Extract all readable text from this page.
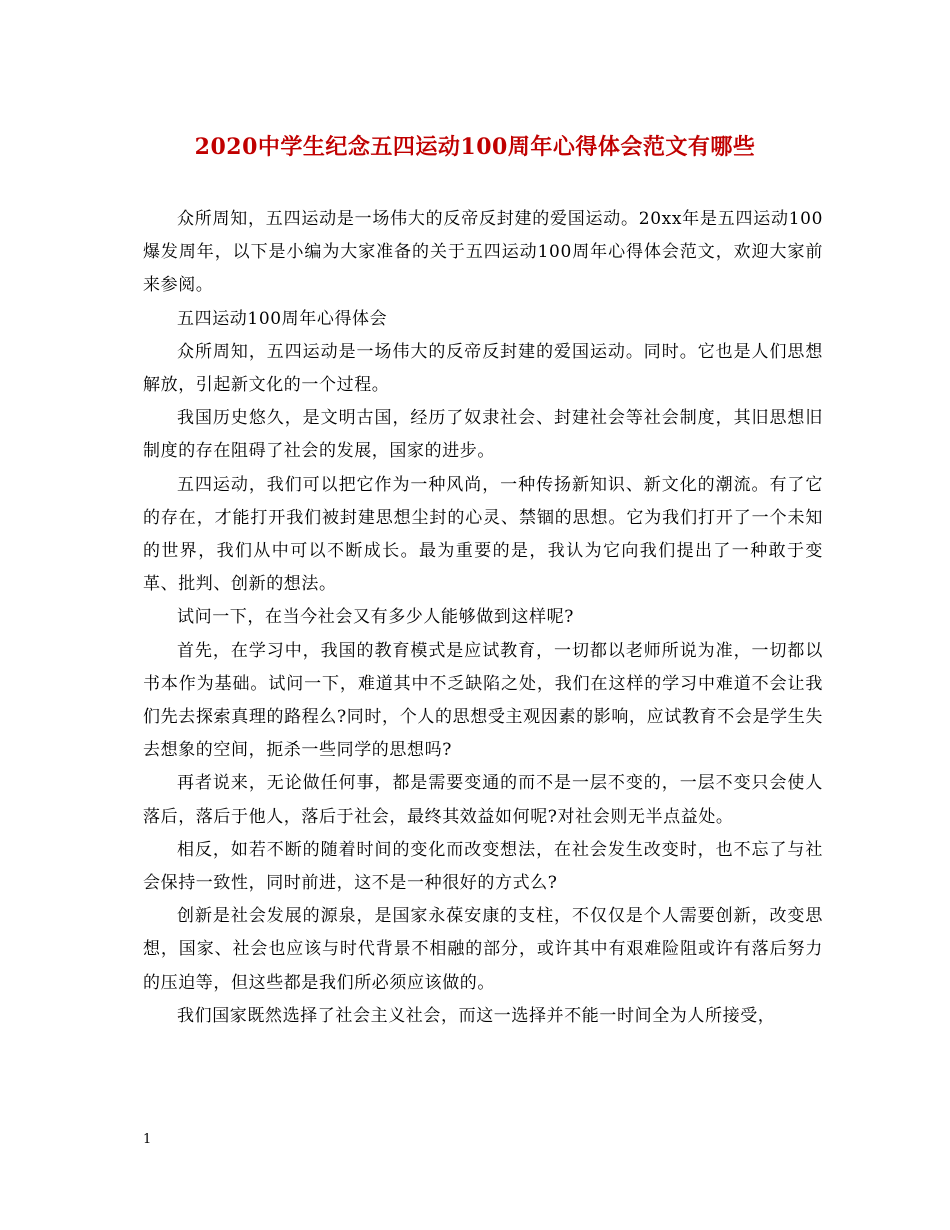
2020中学生纪念五四运动100周年心得体会范文有哪些

众所周知，五四运动是一场伟大的反帝反封建的爱国运动。20xx年是五四运动100爆发周年，以下是小编为大家准备的关于五四运动100周年心得体会范文，欢迎大家前来参阅。

五四运动100周年心得体会

众所周知，五四运动是一场伟大的反帝反封建的爱国运动。同时。它也是人们思想解放，引起新文化的一个过程。

我国历史悠久，是文明古国，经历了奴隶社会、封建社会等社会制度，其旧思想旧制度的存在阻碍了社会的发展，国家的进步。

五四运动，我们可以把它作为一种风尚，一种传扬新知识、新文化的潮流。有了它的存在，才能打开我们被封建思想尘封的心灵、禁锢的思想。它为我们打开了一个未知的世界，我们从中可以不断成长。最为重要的是，我认为它向我们提出了一种敢于变革、批判、创新的想法。

试问一下，在当今社会又有多少人能够做到这样呢?

首先，在学习中，我国的教育模式是应试教育，一切都以老师所说为准，一切都以书本作为基础。试问一下，难道其中不乏缺陷之处，我们在这样的学习中难道不会让我们先去探索真理的路程么?同时，个人的思想受主观因素的影响，应试教育不会是学生失去想象的空间，扼杀一些同学的思想吗?

再者说来，无论做任何事，都是需要变通的而不是一层不变的，一层不变只会使人落后，落后于他人，落后于社会，最终其效益如何呢?对社会则无半点益处。

相反，如若不断的随着时间的变化而改变想法，在社会发生改变时，也不忘了与社会保持一致性，同时前进，这不是一种很好的方式么?

创新是社会发展的源泉，是国家永葆安康的支柱，不仅仅是个人需要创新，改变思想，国家、社会也应该与时代背景不相融的部分，或许其中有艰难险阻或许有落后努力的压迫等，但这些都是我们所必须应该做的。

我们国家既然选择了社会主义社会，而这一选择并不能一时间全为人所接受，

1
